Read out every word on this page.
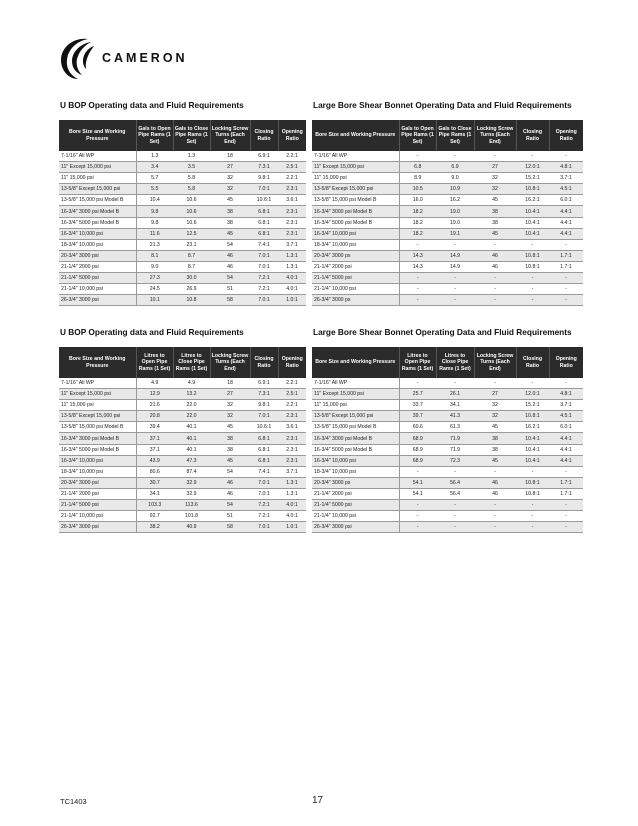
CAMERON
U BOP Operating data and Fluid Requirements
Bore Size and Working Pressure	Gals to Open Pipe Rams (1 Set)	Gals to Close Pipe Rams (1 Set)	Locking Screw Turns (Each End)	Closing Ratio	Opening Ratio
7-1/16" All WP	1.3	1.3	18	6.9:1	2.2:1
11" Except 15,000 psi	3.4	3.5	27	7.3:1	2.5:1
11" 15,000 psi	5.7	5.8	32	9.8:1	2.2:1
13-5/8" Except 15,000 psi	5.5	5.8	32	7.0:1	2.3:1
13-5/8" 15,000 psi Model B	10.4	10.6	45	10.6:1	3.6:1
16-3/4" 3000 psi Model B	9.8	10.6	38	6.8:1	2.3:1
16-3/4" 5000 psi Model B	9.8	10.6	38	6.8:1	2.3:1
16-3/4" 10,000 psi	11.6	12.5	45	6.8:1	2.3:1
18-3/4" 10,000 psi	21.3	23.1	54	7.4:1	3.7:1
20-3/4" 3000 psi	8.1	8.7	46	7.0:1	1.3:1
21-1/4" 2000 psi	9.0	8.7	46	7.0:1	1.3:1
21-1/4" 5000 psi	27.3	30.0	54	7.2:1	4.0:1
21-1/4" 10,000 psi	24.5	26.9	51	7.2:1	4.0:1
26-3/4" 3000 psi	10.1	10.8	58	7.0:1	1.0:1
Large Bore Shear Bonnet Operating Data and Fluid Requirements
Bore Size and Working Pressure	Gals to Open Pipe Rams (1 Set)	Gals to Close Pipe Rams (1 Set)	Locking Screw Turns (Each End)	Closing Ratio	Opening Ratio
7-1/16" All WP	-	-	-	-	-
11" Except 15,000 psi	6.8	6.9	27	12.0:1	4.8:1
11" 15,000 psi	8.9	9.0	32	15.2:1	3.7:1
13-5/8" Except 15,000 psi	10.5	10.9	32	10.8:1	4.5:1
13-5/8" 15,000 psi Model B	16.0	16.2	45	16.2:1	6.0:1
16-3/4" 3000 psi Model B	18.2	19.0	38	10.4:1	4.4:1
16-3/4" 5000 psi Model B	18.2	19.0	38	10.4:1	4.4:1
16-3/4" 10,000 psi	18.2	19.1	45	10.4:1	4.4:1
18-3/4" 10,000 psi	-	-	-	-	-
20-3/4" 3000 ps	14.3	14.9	46	10.8:1	1.7:1
21-1/4" 2000 psi	14.3	14.9	46	10.8:1	1.7:1
21-1/4" 5000 psi	-	-	-	-	-
21-1/4" 10,000 psi	-	-	-	-	-
26-3/4" 3000 ps	-	-	-	-	-
U BOP Operating data and Fluid Requirements
Bore Size and Working Pressure	Litres to Open Pipe Rams (1 Set)	Litres to Close Pipe Rams (1 Set)	Locking Screw Turns (Each End)	Closing Ratio	Opening Ratio
7-1/16" All WP	4.9	4.9	18	6.9:1	2.2:1
11" Except 15,000 psi	12.9	13.2	27	7.3:1	2.5:1
11" 15,000 psi	21.6	22.0	32	9.8:1	2.2:1
13-5/8" Except 15,000 psi	20.8	22.0	32	7.0:1	2.3:1
13-5/8" 15,000 psi Model B	39.4	40.1	45	10.6:1	3.6:1
16-3/4" 3000 psi Model B	37.1	40.1	38	6.8:1	2.3:1
16-3/4" 5000 psi Model B	37.1	40.1	38	6.8:1	2.3:1
16-3/4" 10,000 psi	43.9	47.3	45	6.8:1	2.3:1
18-3/4" 10,000 psi	80.6	87.4	54	7.4:1	3.7:1
20-3/4" 3000 psi	30.7	32.9	46	7.0:1	1.3:1
21-1/4" 2000 psi	34.1	32.9	46	7.0:1	1.3:1
21-1/4" 5000 psi	103.3	113.6	54	7.2:1	4.0:1
21-1/4" 10,000 psi	92.7	101.8	51	7.2:1	4.0:1
26-3/4" 3000 psi	38.2	40.9	58	7.0:1	1.0:1
Large Bore Shear Bonnet Operating Data and Fluid Requirements
Bore Size and Working Pressure	Litres to Open Pipe Rams (1 Set)	Litres to Close Pipe Rams (1 Set)	Locking Screw Turns (Each End)	Closing Ratio	Opening Ratio
7-1/16" All WP	-	-	-	-	-
11" Except 15,000 psi	25.7	26.1	27	12.0:1	4.8:1
11" 15,000 psi	33.7	34.1	32	15.2:1	3.7:1
13-5/8" Except 15,000 psi	39.7	41.3	32	10.8:1	4.5:1
13-5/8" 15,000 psi Model B	60.6	61.3	45	16.2:1	6.0:1
16-3/4" 3000 psi Model B	68.9	71.9	38	10.4:1	4.4:1
16-3/4" 5000 psi Model B	68.9	71.9	38	10.4:1	4.4:1
16-3/4" 10,000 psi	68.9	72.3	45	10.4:1	4.4:1
18-3/4" 10,000 psi	-	-	-	-	-
20-3/4" 3000 ps	54.1	56.4	46	10.8:1	1.7:1
21-1/4" 2000 psi	54.1	56.4	46	10.8:1	1.7:1
21-1/4" 5000 psi	-	-	-	-	-
21-1/4" 10,000 psi	-	-	-	-	-
26-3/4" 3000 psi	-	-	-	-	-
TC1403	17
